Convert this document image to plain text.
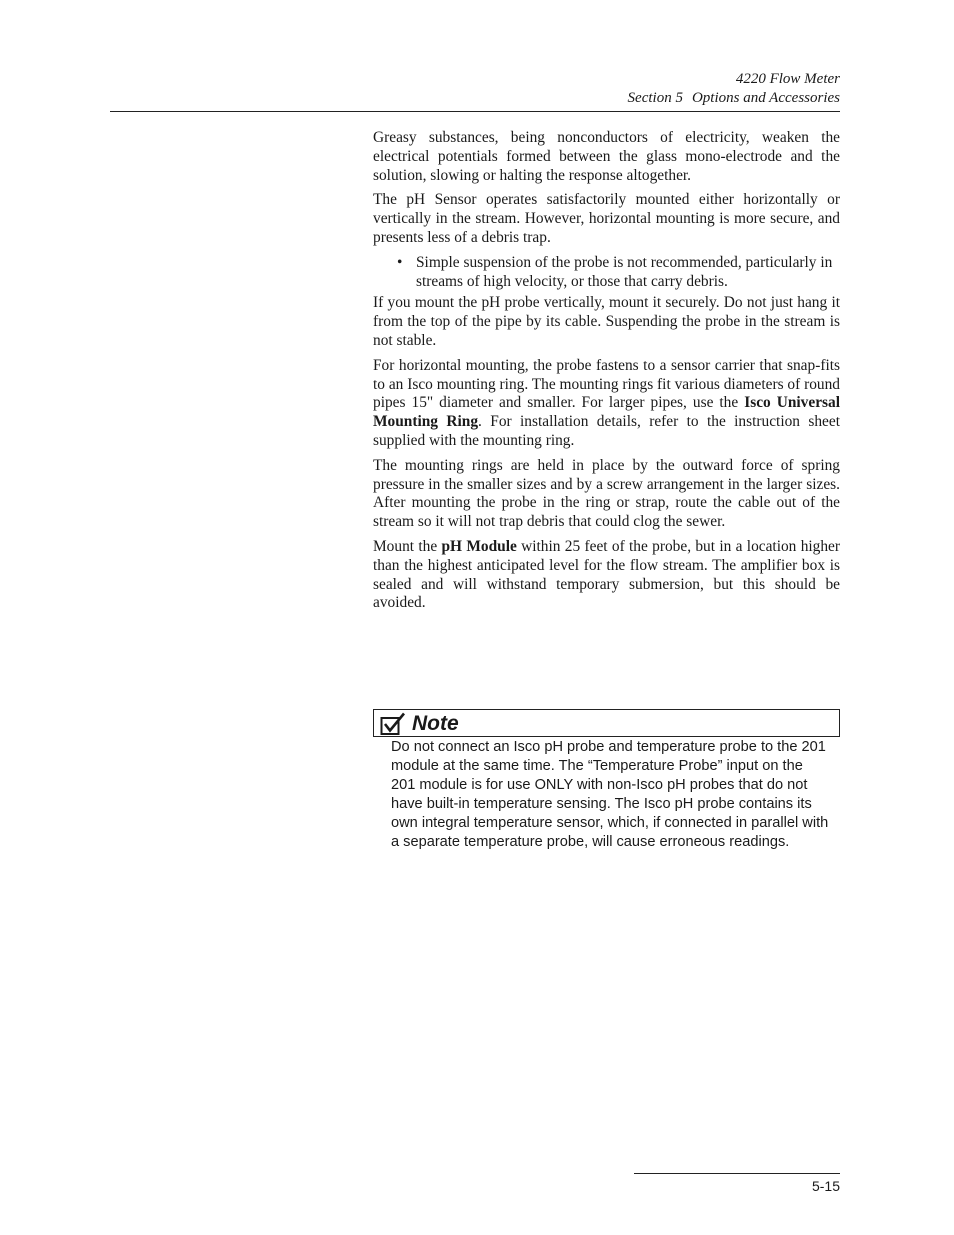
4220 Flow Meter
Section 5 Options and Accessories

Greasy substances, being nonconductors of electricity, weaken the electrical potentials formed between the glass mono-electrode and the solution, slowing or halting the response altogether.

The pH Sensor operates satisfactorily mounted either horizontally or vertically in the stream. However, horizontal mounting is more secure, and presents less of a debris trap.

• Simple suspension of the probe is not recommended, particularly in streams of high velocity, or those that carry debris.

If you mount the pH probe vertically, mount it securely. Do not just hang it from the top of the pipe by its cable. Suspending the probe in the stream is not stable.

For horizontal mounting, the probe fastens to a sensor carrier that snap-fits to an Isco mounting ring. The mounting rings fit various diameters of round pipes 15" diameter and smaller. For larger pipes, use the Isco Universal Mounting Ring. For installation details, refer to the instruction sheet supplied with the mounting ring.

The mounting rings are held in place by the outward force of spring pressure in the smaller sizes and by a screw arrangement in the larger sizes. After mounting the probe in the ring or strap, route the cable out of the stream so it will not trap debris that could clog the sewer.

Mount the pH Module within 25 feet of the probe, but in a location higher than the highest anticipated level for the flow stream. The amplifier box is sealed and will withstand temporary submersion, but this should be avoided.

Note
Do not connect an Isco pH probe and temperature probe to the 201 module at the same time. The “Temperature Probe” input on the 201 module is for use ONLY with non-Isco pH probes that do not have built-in temperature sensing. The Isco pH probe contains its own integral temperature sensor, which, if connected in parallel with a separate temperature probe, will cause erroneous readings.
5-15
